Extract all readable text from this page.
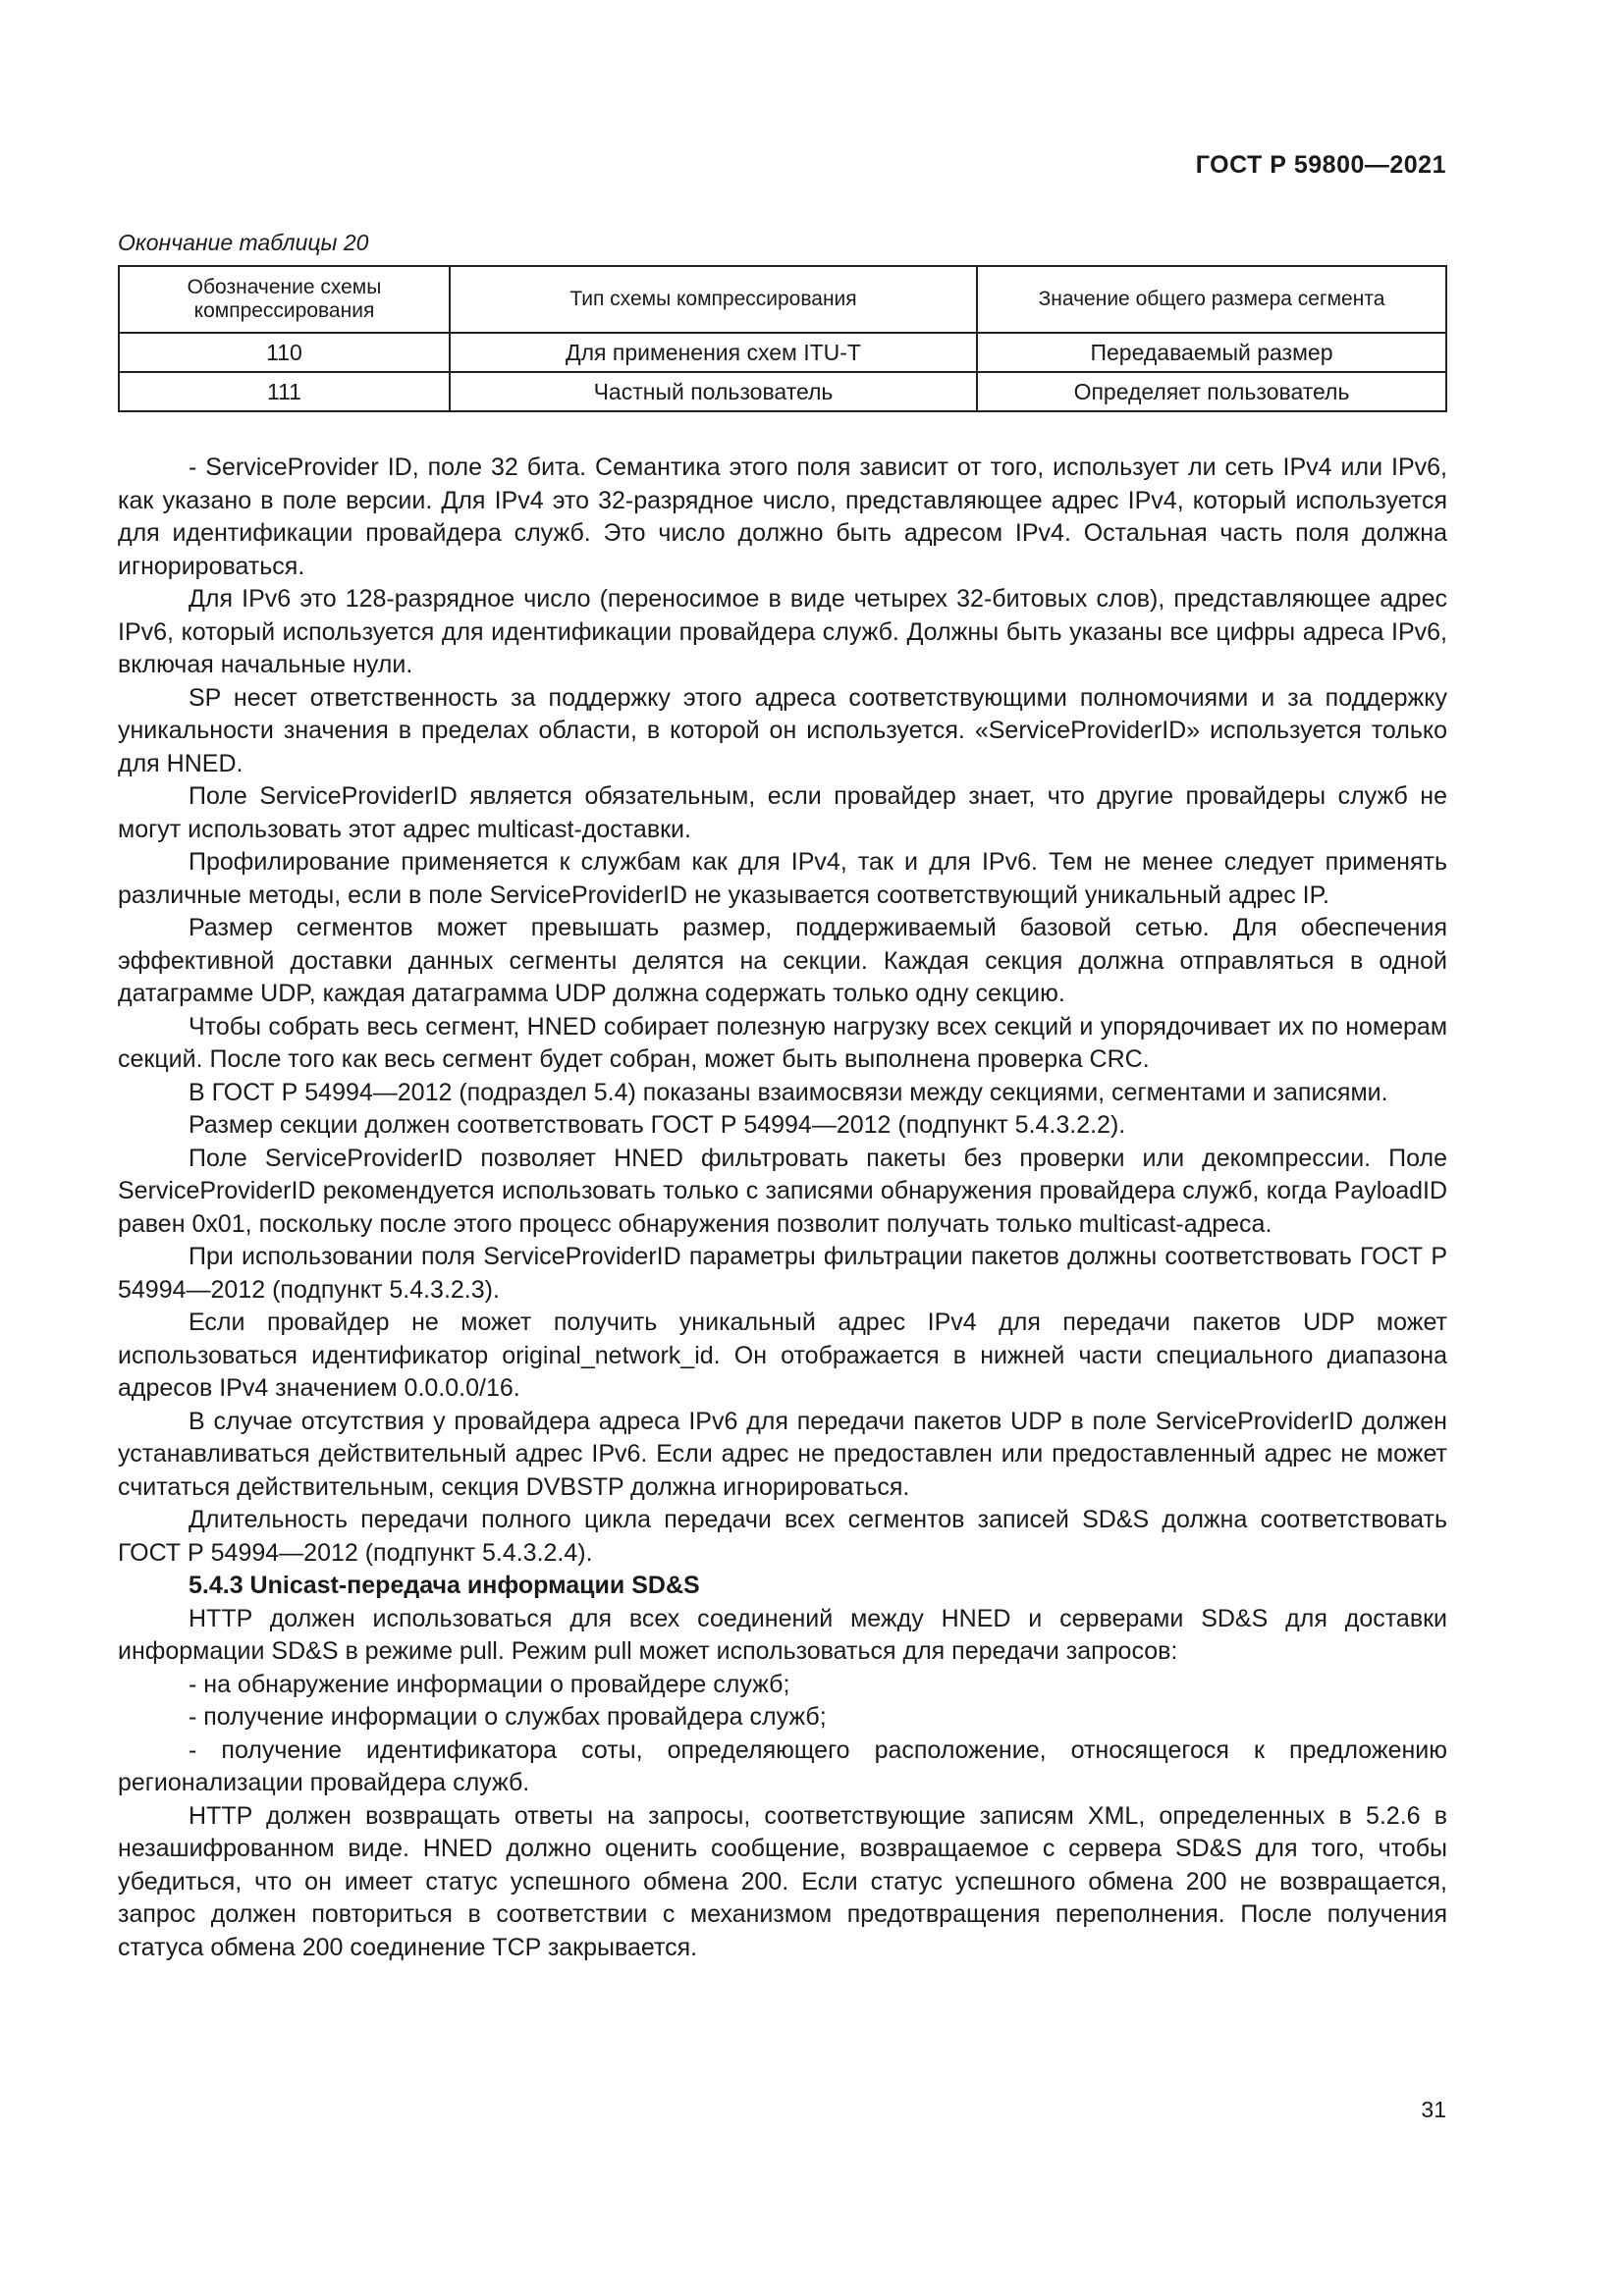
ГОСТ Р 59800—2021
Окончание таблицы 20
Обозначение схемы компрессирования	Тип схемы компрессирования	Значение общего размера сегмента
110	Для применения схем ITU-T	Передаваемый размер
111	Частный пользователь	Определяет пользователь

- ServiceProvider ID, поле 32 бита. Семантика этого поля зависит от того, использует ли сеть IPv4 или IPv6, как указано в поле версии. Для IPv4 это 32-разрядное число, представляющее адрес IPv4, который используется для идентификации провайдера служб. Это число должно быть адресом IPv4. Остальная часть поля должна игнорироваться.

Для IPv6 это 128-разрядное число (переносимое в виде четырех 32-битовых слов), представляющее адрес IPv6, который используется для идентификации провайдера служб. Должны быть указаны все цифры адреса IPv6, включая начальные нули.

SP несет ответственность за поддержку этого адреса соответствующими полномочиями и за поддержку уникальности значения в пределах области, в которой он используется. «ServiceProviderID» используется только для HNED.

Поле ServiceProviderID является обязательным, если провайдер знает, что другие провайдеры служб не могут использовать этот адрес multicast-доставки.

Профилирование применяется к службам как для IPv4, так и для IPv6. Тем не менее следует применять различные методы, если в поле ServiceProviderID не указывается соответствующий уникальный адрес IP.

Размер сегментов может превышать размер, поддерживаемый базовой сетью. Для обеспечения эффективной доставки данных сегменты делятся на секции. Каждая секция должна отправляться в одной датаграмме UDP, каждая датаграмма UDP должна содержать только одну секцию.

Чтобы собрать весь сегмент, HNED собирает полезную нагрузку всех секций и упорядочивает их по номерам секций. После того как весь сегмент будет собран, может быть выполнена проверка CRC.

В ГОСТ Р 54994—2012 (подраздел 5.4) показаны взаимосвязи между секциями, сегментами и записями.

Размер секции должен соответствовать ГОСТ Р 54994—2012 (подпункт 5.4.3.2.2).

Поле ServiceProviderID позволяет HNED фильтровать пакеты без проверки или декомпрессии. Поле ServiceProviderID рекомендуется использовать только с записями обнаружения провайдера служб, когда PayloadID равен 0x01, поскольку после этого процесс обнаружения позволит получать только multicast-адреса.

При использовании поля ServiceProviderID параметры фильтрации пакетов должны соответствовать ГОСТ Р 54994—2012 (подпункт 5.4.3.2.3).

Если провайдер не может получить уникальный адрес IPv4 для передачи пакетов UDP может использоваться идентификатор original_network_id. Он отображается в нижней части специального диапазона адресов IPv4 значением 0.0.0.0/16.

В случае отсутствия у провайдера адреса IPv6 для передачи пакетов UDP в поле ServiceProviderID должен устанавливаться действительный адрес IPv6. Если адрес не предоставлен или предоставленный адрес не может считаться действительным, секция DVBSTP должна игнорироваться.

Длительность передачи полного цикла передачи всех сегментов записей SD&S должна соответствовать ГОСТ Р 54994—2012 (подпункт 5.4.3.2.4).

5.4.3 Unicast-передача информации SD&S

HTTP должен использоваться для всех соединений между HNED и серверами SD&S для доставки информации SD&S в режиме pull. Режим pull может использоваться для передачи запросов:

- на обнаружение информации о провайдере служб;

- получение информации о службах провайдера служб;

- получение идентификатора соты, определяющего расположение, относящегося к предложению регионализации провайдера служб.

HTTP должен возвращать ответы на запросы, соответствующие записям XML, определенных в 5.2.6 в незашифрованном виде. HNED должно оценить сообщение, возвращаемое с сервера SD&S для того, чтобы убедиться, что он имеет статус успешного обмена 200. Если статус успешного обмена 200 не возвращается, запрос должен повториться в соответствии с механизмом предотвращения переполнения. После получения статуса обмена 200 соединение TCP закрывается.

31
